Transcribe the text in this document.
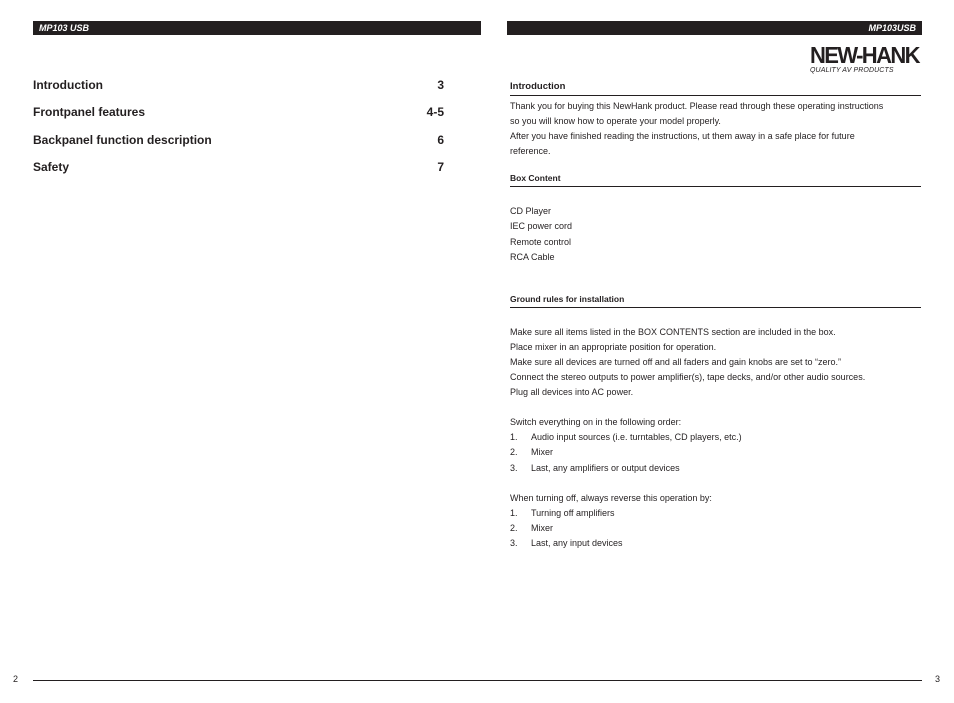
MP103 USB	MP103USB
NEW-HANK
QUALITY AV PRODUCTS
Introduction	3
Frontpanel features	4-5
Backpanel function description	6
Safety	7
Introduction

Thank you for buying this NewHank product. Please read through these operating instructions

so you will know how to operate your model properly.

After you have finished reading the instructions, ut them away in a safe place for future

reference.

Box Content

CD Player

IEC power cord

Remote control

RCA Cable

Ground rules for installation

Make sure all items listed in the BOX CONTENTS section are included in the box.

Place mixer in an appropriate position for operation.

Make sure all devices are turned off and all faders and gain knobs are set to “zero.”

Connect the stereo outputs to power amplifier(s), tape decks, and/or other audio sources.

Plug all devices into AC power.

Switch everything on in the following order:

1.	Audio input sources (i.e. turntables, CD players, etc.)
2.	Mixer
3.	Last, any amplifiers or output devices

When turning off, always reverse this operation by:

1.	Turning off amplifiers
2.	Mixer
3.	Last, any input devices
2	3
